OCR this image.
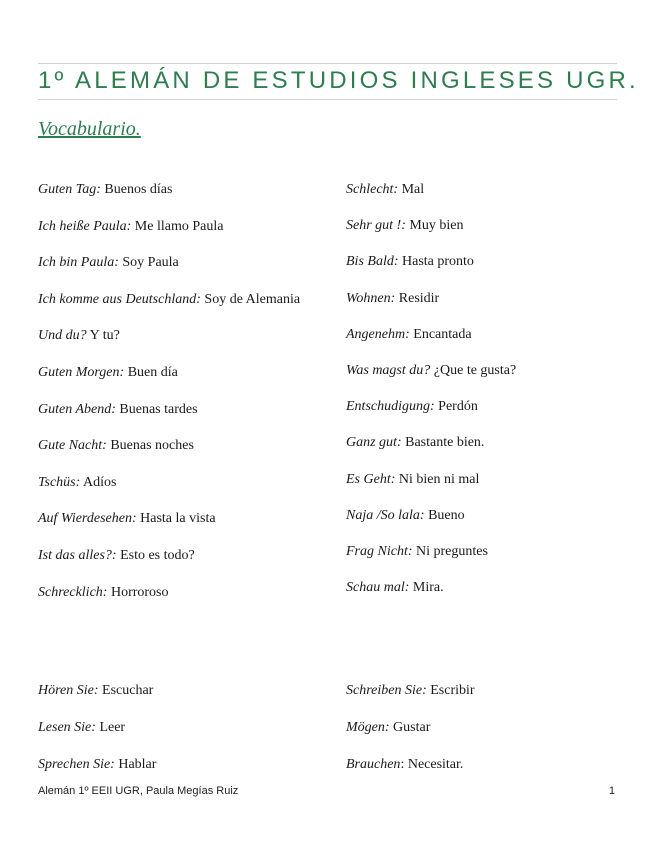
1º ALEMÁN DE ESTUDIOS INGLESES UGR.
Vocabulario.
Guten Tag: Buenos días
Ich heiße Paula: Me llamo Paula
Ich bin Paula: Soy Paula
Ich komme aus Deutschland: Soy de Alemania
Und du? Y tu?
Guten Morgen: Buen día
Guten Abend: Buenas tardes
Gute Nacht: Buenas noches
Tschüs: Adíos
Auf Wierdesehen: Hasta la vista
Ist das alles?: Esto es todo?
Schrecklich: Horroroso
Schlecht: Mal
Sehr gut !: Muy bien
Bis Bald: Hasta pronto
Wohnen: Residir
Angenehm: Encantada
Was magst du? ¿Que te gusta?
Entschudigung: Perdón
Ganz gut: Bastante bien.
Es Geht: Ni bien ni mal
Naja /So lala: Bueno
Frag Nicht: Ni preguntes
Schau mal: Mira.
Hören Sie: Escuchar
Lesen Sie: Leer
Sprechen Sie: Hablar
Schreiben Sie: Escribir
Mögen: Gustar
Brauchen: Necesitar.
Alemán 1º EEII UGR, Paula Megías Ruiz	1
